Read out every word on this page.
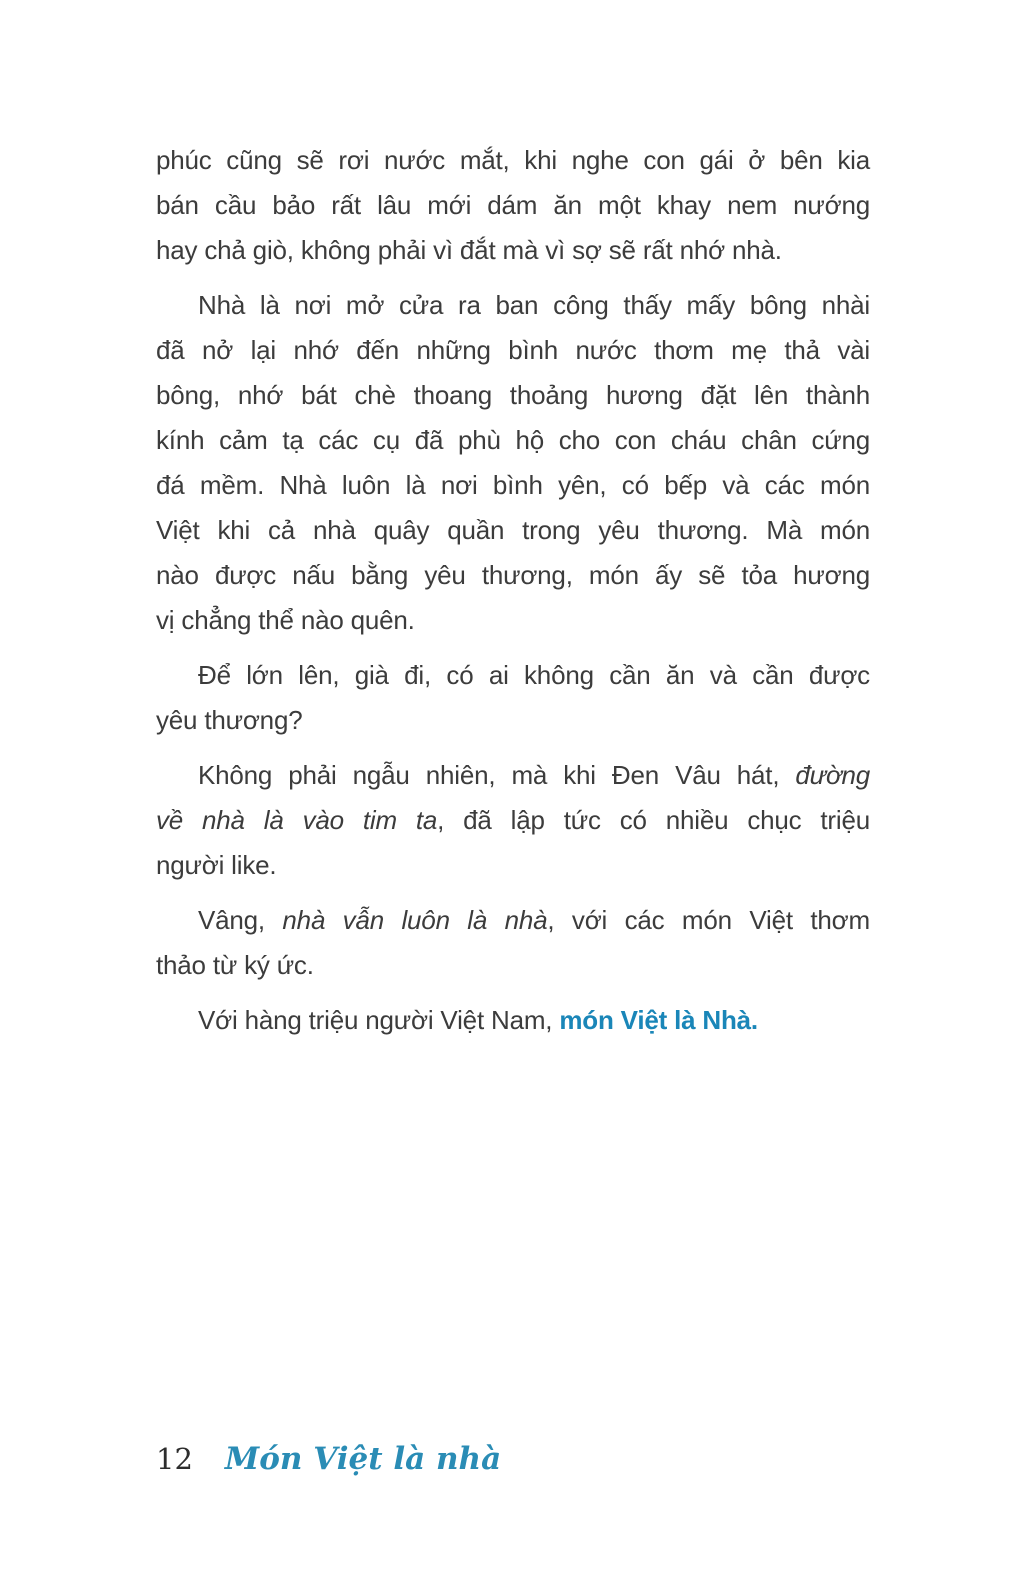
phúc cũng sẽ rơi nước mắt, khi nghe con gái ở bên kia

bán cầu bảo rất lâu mới dám ăn một khay nem nướng

hay chả giò, không phải vì đắt mà vì sợ sẽ rất nhớ nhà.

Nhà là nơi mở cửa ra ban công thấy mấy bông nhài

đã nở lại nhớ đến những bình nước thơm mẹ thả vài

bông, nhớ bát chè thoang thoảng hương đặt lên thành

kính cảm tạ các cụ đã phù hộ cho con cháu chân cứng

đá mềm. Nhà luôn là nơi bình yên, có bếp và các món

Việt khi cả nhà quây quần trong yêu thương. Mà món

nào được nấu bằng yêu thương, món ấy sẽ tỏa hương

vị chẳng thể nào quên.

Để lớn lên, già đi, có ai không cần ăn và cần được

yêu thương?

Không phải ngẫu nhiên, mà khi Đen Vâu hát, đường

về nhà là vào tim ta, đã lập tức có nhiều chục triệu

người like.

Vâng, nhà vẫn luôn là nhà, với các món Việt thơm

thảo từ ký ức.

Với hàng triệu người Việt Nam, món Việt là Nhà.

12 Món Việt là nhà
